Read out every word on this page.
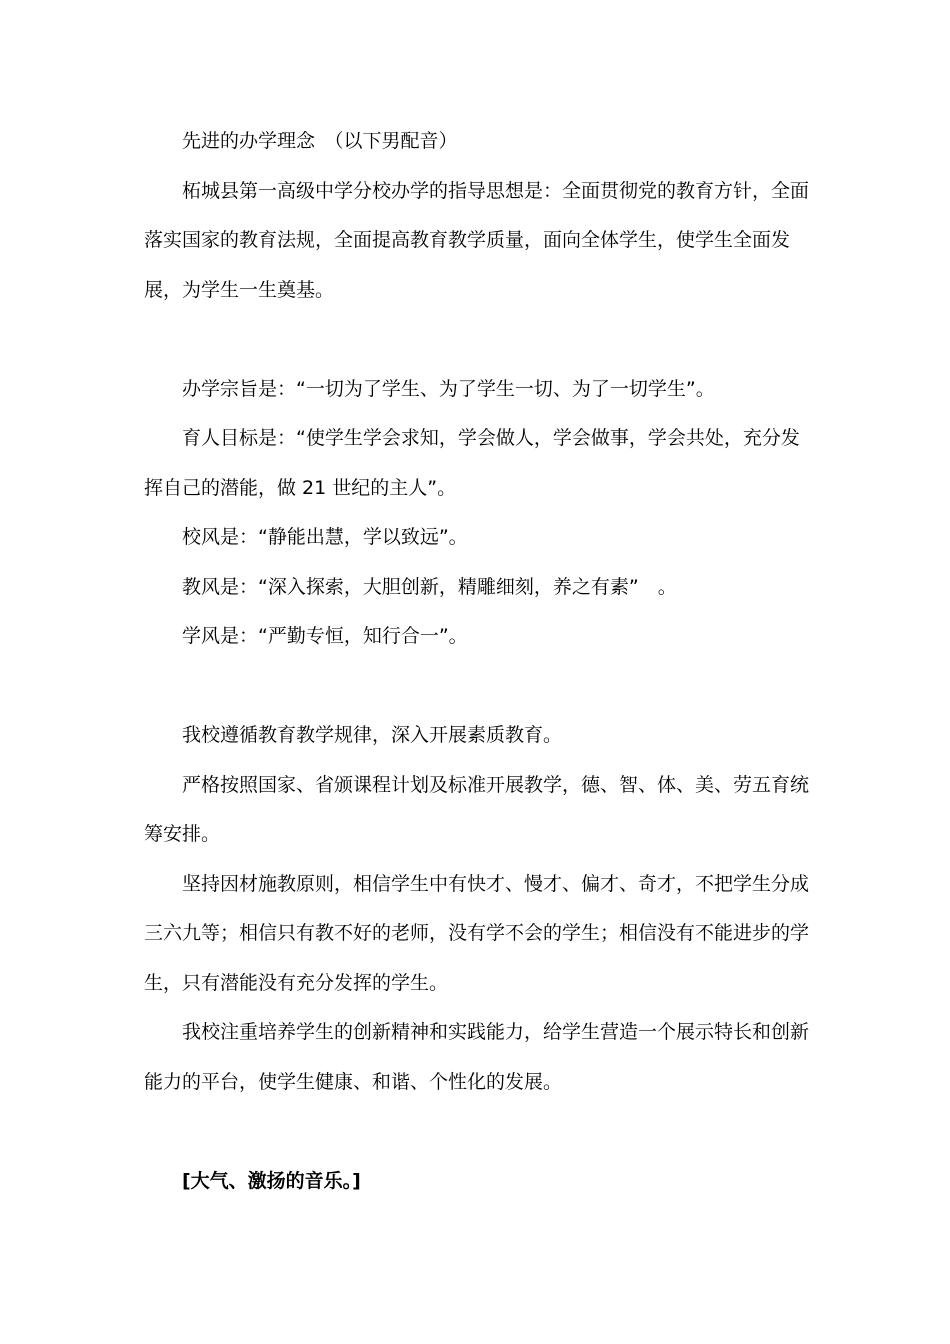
先进的办学理念　（以下男配音）

柘城县第一高级中学分校办学的指导思想是：全面贯彻党的教育方针，全面落实国家的教育法规，全面提高教育教学质量，面向全体学生，使学生全面发展，为学生一生奠基。

办学宗旨是：“一切为了学生、为了学生一切、为了一切学生”。

育人目标是：“使学生学会求知，学会做人，学会做事，学会共处，充分发挥自己的潜能，做 21 世纪的主人”。

校风是：“静能出慧，学以致远”。

教风是：“深入探索，大胆创新，精雕细刻，养之有素”　。

学风是：“严勤专恒，知行合一”。

我校遵循教育教学规律，深入开展素质教育。

严格按照国家、省颁课程计划及标准开展教学，德、智、体、美、劳五育统筹安排。

坚持因材施教原则，相信学生中有快才、慢才、偏才、奇才，不把学生分成三六九等；相信只有教不好的老师，没有学不会的学生；相信没有不能进步的学生，只有潜能没有充分发挥的学生。

我校注重培养学生的创新精神和实践能力，给学生营造一个展示特长和创新能力的平台，使学生健康、和谐、个性化的发展。

[大气、激扬的音乐。]
